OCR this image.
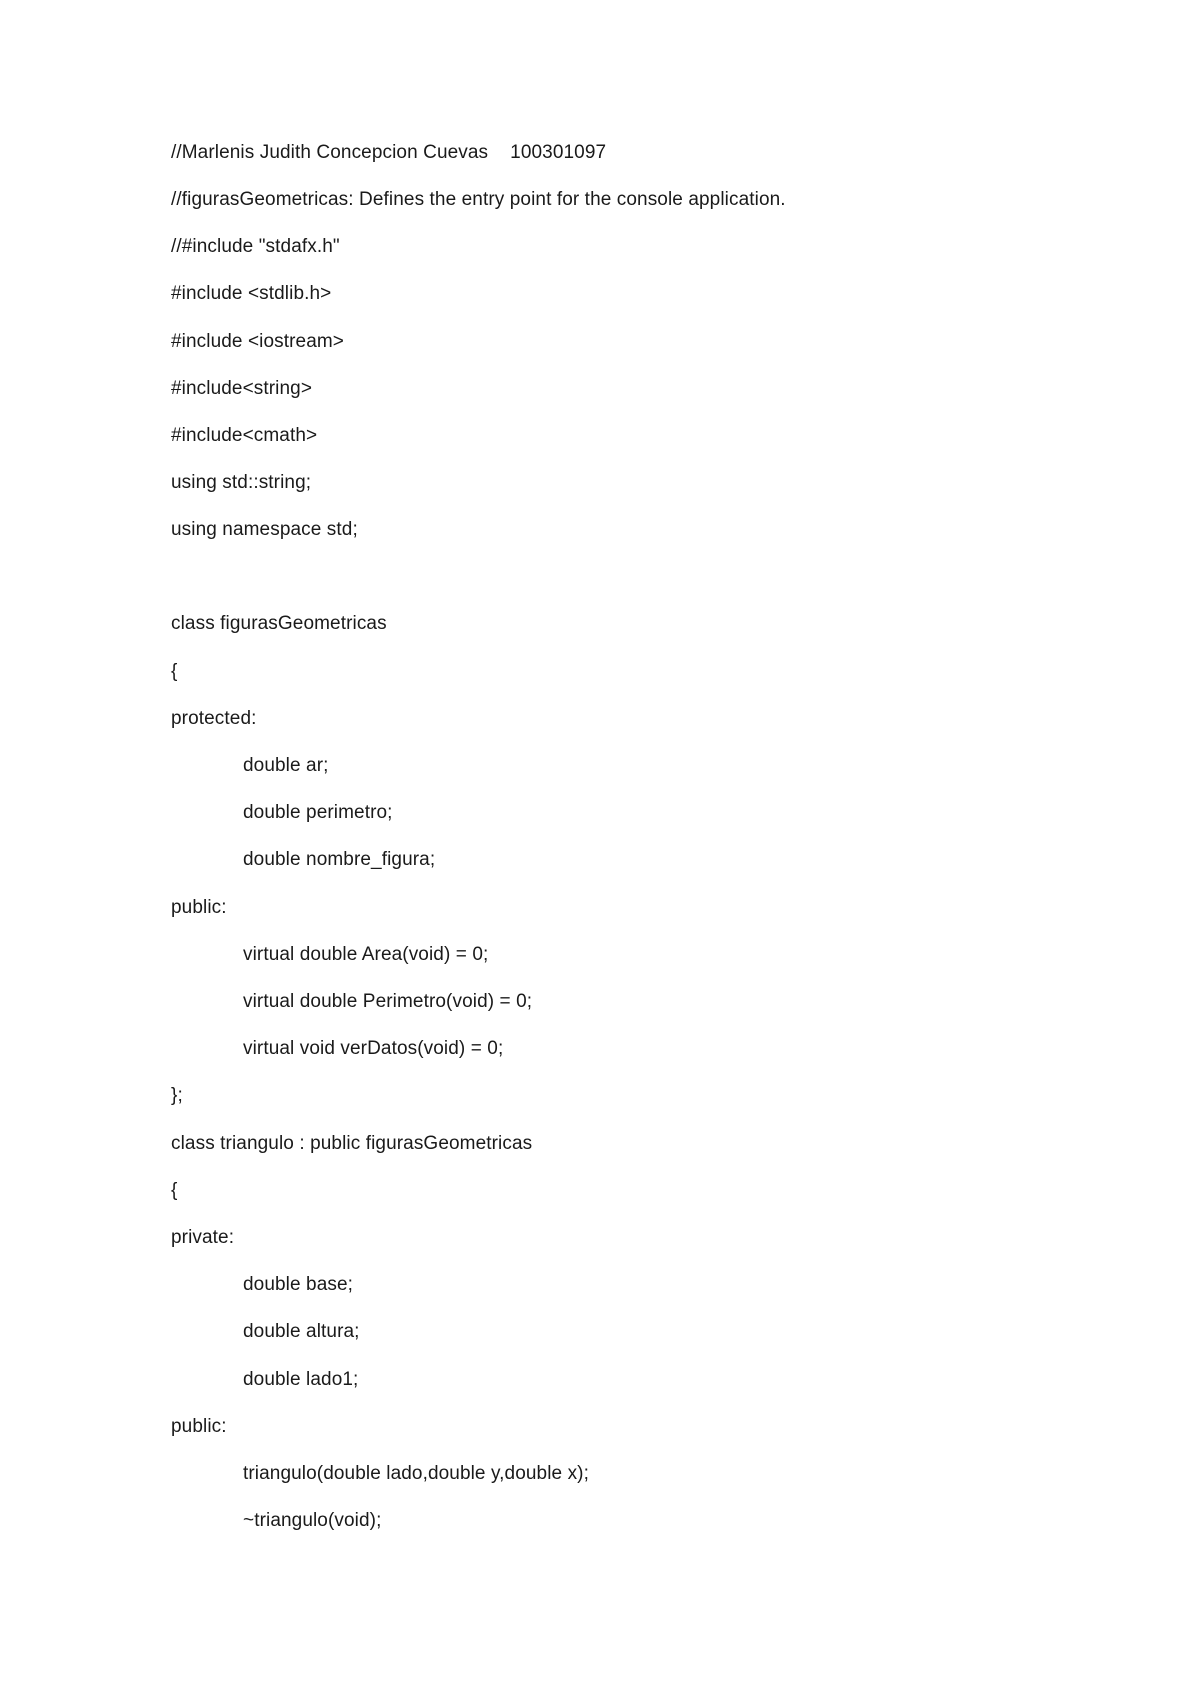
//Marlenis Judith Concepcion Cuevas 100301097
//figurasGeometricas: Defines the entry point for the console application.
//#include "stdafx.h"
#include <stdlib.h>
#include <iostream>
#include<string>
#include<cmath>
using std::string;
using namespace std;
class figurasGeometricas
{
protected:
double ar;
double perimetro;
double nombre_figura;
public:
virtual double Area(void) = 0;
virtual double Perimetro(void) = 0;
virtual void verDatos(void) = 0;
};
class triangulo : public figurasGeometricas
{
private:
double base;
double altura;
double lado1;
public:
triangulo(double lado,double y,double x);
~triangulo(void);
